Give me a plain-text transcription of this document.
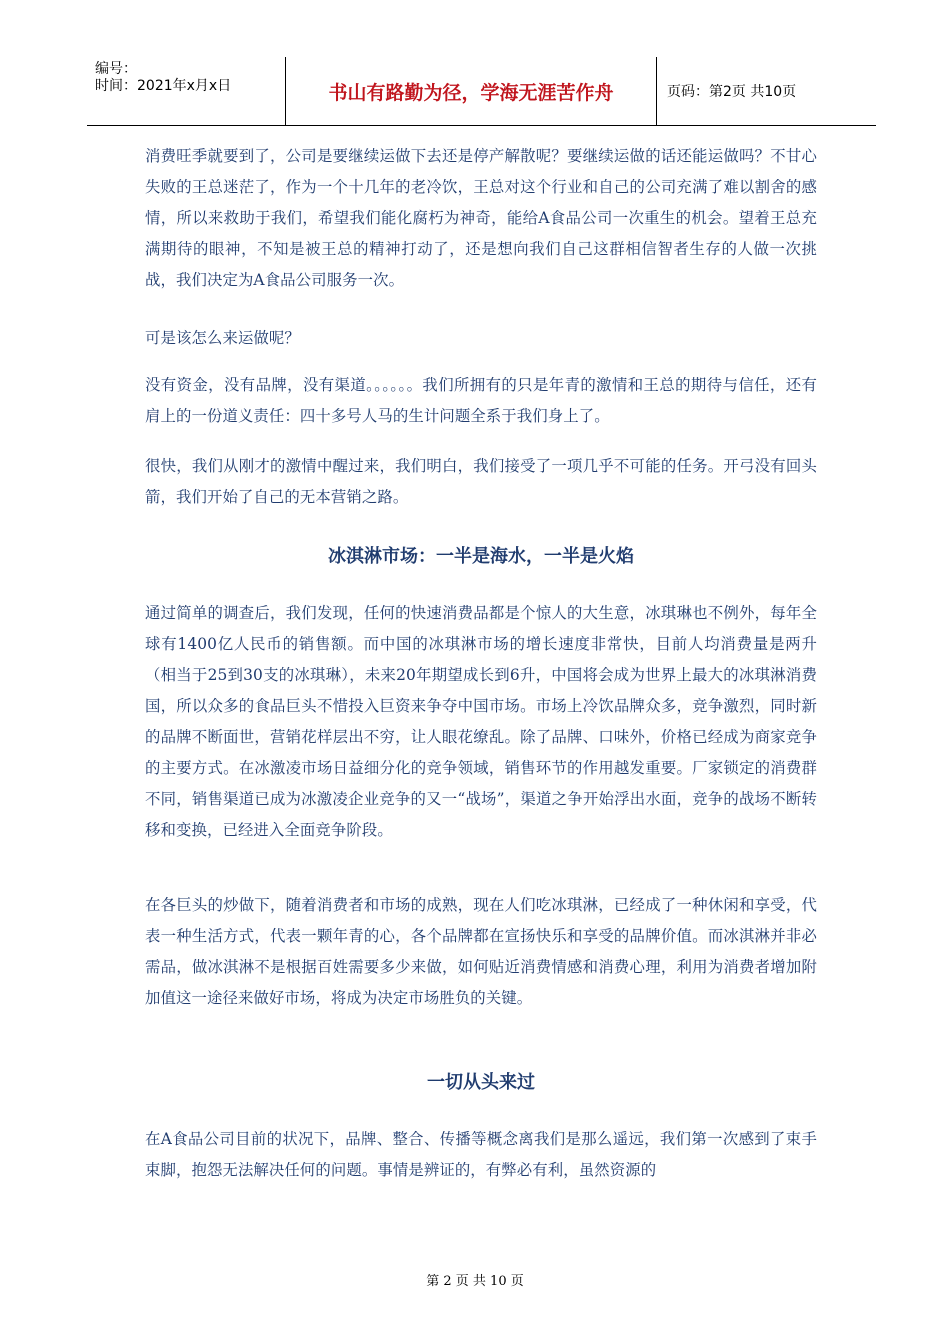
编号：
时间：2021年x月x日	书山有路勤为径，学海无涯苦作舟	页码：第2页 共10页

消费旺季就要到了，公司是要继续运做下去还是停产解散呢？要继续运做的话还能运做吗？不甘心失败的王总迷茫了，作为一个十几年的老冷饮，王总对这个行业和自己的公司充满了难以割舍的感情，所以来救助于我们，希望我们能化腐朽为神奇，能给A食品公司一次重生的机会。望着王总充满期待的眼神，不知是被王总的精神打动了，还是想向我们自己这群相信智者生存的人做一次挑战，我们决定为A食品公司服务一次。

可是该怎么来运做呢？

没有资金，没有品牌，没有渠道。。。。。。我们所拥有的只是年青的激情和王总的期待与信任，还有肩上的一份道义责任：四十多号人马的生计问题全系于我们身上了。

很快，我们从刚才的激情中醒过来，我们明白，我们接受了一项几乎不可能的任务。开弓没有回头箭，我们开始了自己的无本营销之路。

冰淇淋市场：一半是海水，一半是火焰

通过简单的调查后，我们发现，任何的快速消费品都是个惊人的大生意，冰琪琳也不例外，每年全球有1400亿人民币的销售额。而中国的冰琪淋市场的增长速度非常快，目前人均消费量是两升（相当于25到30支的冰琪琳），未来20年期望成长到6升，中国将会成为世界上最大的冰琪淋消费国，所以众多的食品巨头不惜投入巨资来争夺中国市场。市场上冷饮品牌众多，竞争激烈，同时新的品牌不断面世，营销花样层出不穷，让人眼花缭乱。除了品牌、口味外，价格已经成为商家竞争的主要方式。在冰激凌市场日益细分化的竞争领域，销售环节的作用越发重要。厂家锁定的消费群不同，销售渠道已成为冰激凌企业竞争的又一“战场”，渠道之争开始浮出水面，竞争的战场不断转移和变换，已经进入全面竞争阶段。

在各巨头的炒做下，随着消费者和市场的成熟，现在人们吃冰琪淋，已经成了一种休闲和享受，代表一种生活方式，代表一颗年青的心，各个品牌都在宣扬快乐和享受的品牌价值。而冰淇淋并非必需品，做冰淇淋不是根据百姓需要多少来做，如何贴近消费情感和消费心理，利用为消费者增加附加值这一途径来做好市场，将成为决定市场胜负的关键。

一切从头来过

在A食品公司目前的状况下，品牌、整合、传播等概念离我们是那么遥远，我们第一次感到了束手束脚，抱怨无法解决任何的问题。事情是辨证的，有弊必有利，虽然资源的

第 2 页 共 10 页
